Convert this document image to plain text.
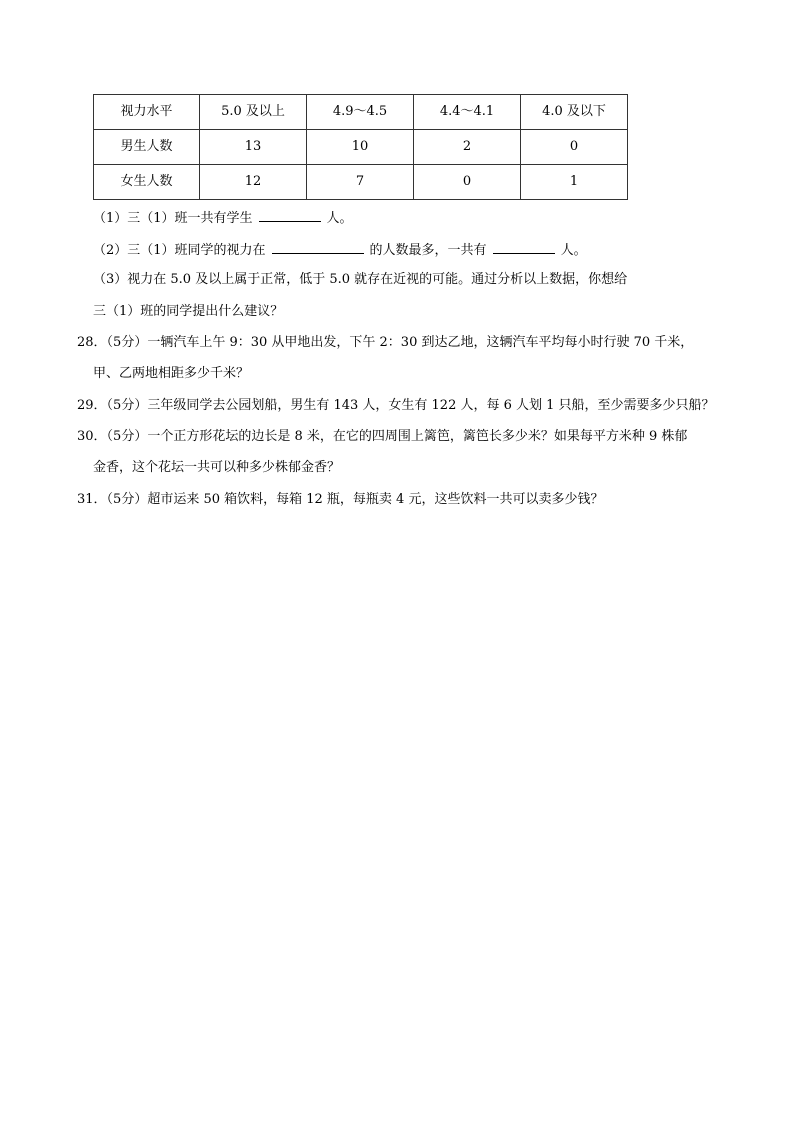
视力水平	5.0 及以上	4.9～4.5	4.4～4.1	4.0 及以下
男生人数	13	10	2	0
女生人数	12	7	0	1
（1）三（1）班一共有学生	人。
（2）三（1）班同学的视力在	的人数最多，一共有	人。
（3）视力在 5.0 及以上属于正常，低于 5.0 就存在近视的可能。通过分析以上数据，你想给
三（1）班的同学提出什么建议？
28．（5分）一辆汽车上午 9：30 从甲地出发，下午 2：30 到达乙地，这辆汽车平均每小时行驶 70 千米，
甲、乙两地相距多少千米？
29．（5分）三年级同学去公园划船，男生有 143 人，女生有 122 人，每 6 人划 1 只船，至少需要多少只船？
30．（5分）一个正方形花坛的边长是 8 米，在它的四周围上篱笆，篱笆长多少米？如果每平方米种 9 株郁
金香，这个花坛一共可以种多少株郁金香？
31．（5分）超市运来 50 箱饮料，每箱 12 瓶，每瓶卖 4 元，这些饮料一共可以卖多少钱？
